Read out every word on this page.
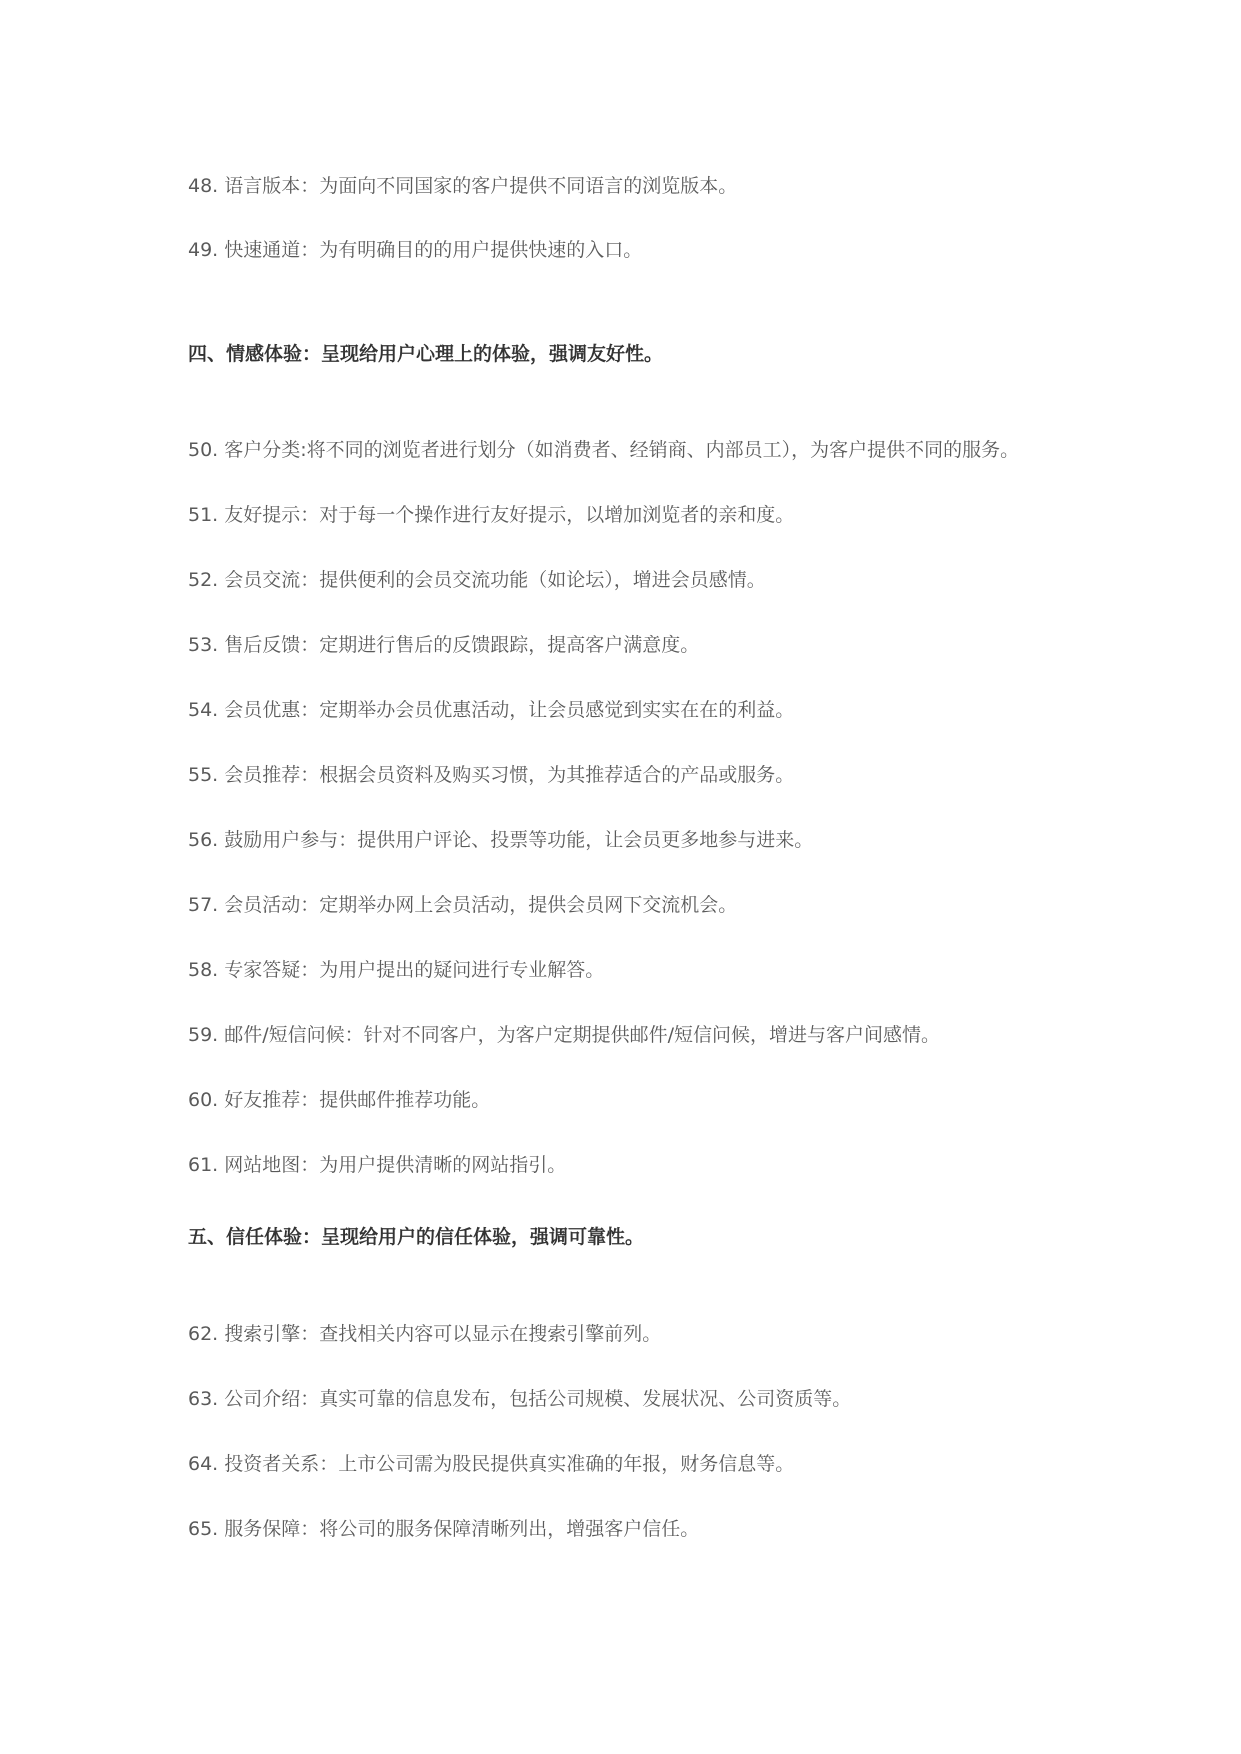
48. 语言版本：为面向不同国家的客户提供不同语言的浏览版本。
49. 快速通道：为有明确目的的用户提供快速的入口。
四、情感体验：呈现给用户心理上的体验，强调友好性。
50. 客户分类:将不同的浏览者进行划分（如消费者、经销商、内部员工），为客户提供不同的服务。
51. 友好提示：对于每一个操作进行友好提示，以增加浏览者的亲和度。
52. 会员交流：提供便利的会员交流功能（如论坛），增进会员感情。
53. 售后反馈：定期进行售后的反馈跟踪，提高客户满意度。
54. 会员优惠：定期举办会员优惠活动，让会员感觉到实实在在的利益。
55. 会员推荐：根据会员资料及购买习惯，为其推荐适合的产品或服务。
56. 鼓励用户参与：提供用户评论、投票等功能，让会员更多地参与进来。
57. 会员活动：定期举办网上会员活动，提供会员网下交流机会。
58. 专家答疑：为用户提出的疑问进行专业解答。
59. 邮件/短信问候：针对不同客户，为客户定期提供邮件/短信问候，增进与客户间感情。
60. 好友推荐：提供邮件推荐功能。
61. 网站地图：为用户提供清晰的网站指引。
五、信任体验：呈现给用户的信任体验，强调可靠性。
62. 搜索引擎：查找相关内容可以显示在搜索引擎前列。
63. 公司介绍：真实可靠的信息发布，包括公司规模、发展状况、公司资质等。
64. 投资者关系：上市公司需为股民提供真实准确的年报，财务信息等。
65. 服务保障：将公司的服务保障清晰列出，增强客户信任。
